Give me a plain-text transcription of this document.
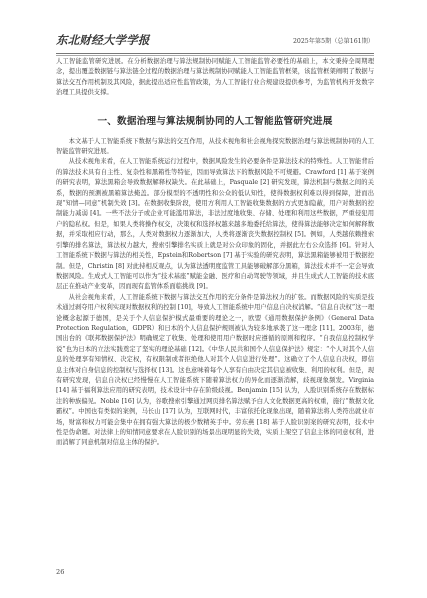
东北财经大学学报	2025年第5期（总第161期）

人工智能监管研究进展。在分析数据治理与算法规制协同赋能人工智能监管必要性的基础上，本文秉持全周期理念，提出覆盖数据链与算法链全过程的数据治理与算法规制协同赋能人工智能监管框架，该监管框架阐明了数据与算法交互作用机制及其风险，据此提出适应性监管政策，为人工智能行业合规建设提供参考，为监管机构开发数字治理工具提供支撑。

一、数据治理与算法规制协同的人工智能监管研究进展

本文基于人工智能系统下数据与算法的交互作用，从技术视角和社会视角探究数据治理与算法规制协同的人工智能监管研究进展。

从技术视角来看，在人工智能系统运行过程中，数据风险发生的必要条件是算法技术的特殊性。人工智能背后的算法技术具有自主性、复杂性和黑箱性等特征，因而导致算法下的数据风险不可规避。Crawford [1] 基于案例的研究表明，算法黑箱会导致数据解释权缺失。在此基础上，Pasquale [2] 研究发现，算法机制与数据之间的关系，数据的预测被黑箱算法掩盖。部分模型的不透明性和公众的低认知性，使得数据权利难以得到保障，进而出现“知情—同意”机制失效 [3]。在数据收集阶段，使用方利用人工智能收集数据的方式更加隐蔽，用户对数据的控制能力减弱 [4]。一些不法分子或企业可能滥用算法，非法过度地收集、存储、处理和利用这些数据，严重侵犯用户的隐私权。但是，如果人类将操作权交，决策权和选择权越来越多地委托给算法，使得算法能够决定如何解释数据，并采取相应行动，那么，人类对数据权力逐渐加大，人类将逐渐丧失数据控制权 [5]。例如，人类越依赖搜索引擎的排名算法，算法权力越大，搜索引擎排名实质上就是对公众印象的固化，并据此左右公众选择 [6]。针对人工智能系统下数据与算法的相关性，Epstein和Robertson [7] 基于实验的研究表明，算法黑箱能够被用于数据控制。但是，Christin [8] 对此持相反观点，认为算法透明度监管工具能够破解部分黑箱，算法技术并不一定会导致数据风险。生成式人工智能可以作为“技术基座”赋能金融、医疗和自动驾驶等领域，并且生成式人工智能的技术底层正在推动产业变革，因而现有监管体系面临挑战 [9]。

从社会视角来看，人工智能系统下数据与算法交互作用的充分条件是算法权力的扩张。而数据风险的实质是技术通过剥夺用户权利实现对数据权利的控制 [10]，导致人工智能系统中用户信息自决权消解。“信息自决权”这一理论概念起源于德国，是关于个人信息保护模式最重要的理论之一，欧盟《通用数据保护条例》（General Data Protection Regulation，GDPR）和日本的个人信息保护规则被认为较多地承袭了这一理念 [11]。2003年，德国出台的《联邦数据保护法》明确规定了收集、处理和使用用户数据时应遵循的原则和程序。“自我信息控制权学说”也为日本的立法实践奠定了坚实的理论基础 [12]。《中华人民共和国个人信息保护法》规定：“个人对其个人信息的处理享有知情权、决定权，有权限制或者拒绝他人对其个人信息进行处理”。这确立了个人信息自决权，即信息主体对自身信息的控制权与选择权 [13]。这也意味着每个人享有自由决定其信息被收集、利用的权利。但是，现有研究发现，信息自决权已经慢慢在人工智能系统下随着算法权力的异化而逐渐消解，歧视现象频发。Virginia [14] 基于福利算法应用的研究表明，技术设计中存在阶级歧视。Benjamin [15] 认为，人脸识别系统存在数据标注的种族偏见。Noble [16] 认为，谷歌搜索引擎通过网页排名算法赋予白人文化数据更高的权重，施行“数据文化霸权”。中国也有类似的案例，马长山 [17] 认为，互联网时代，丰富依托化现象出现，随着算法将人类符出就业市场，财富和权力可能会集中在拥有强大算法的极少数精英手中。劳东燕 [18] 基于人脸识别案的研究表明，技术中性是伪命题。对法律上的知情同意要求在人脸识别的场景出现明显的失效，实质上架空了信息主体的同意权利，进而消解了同意机制对信息主体的保护。

26
